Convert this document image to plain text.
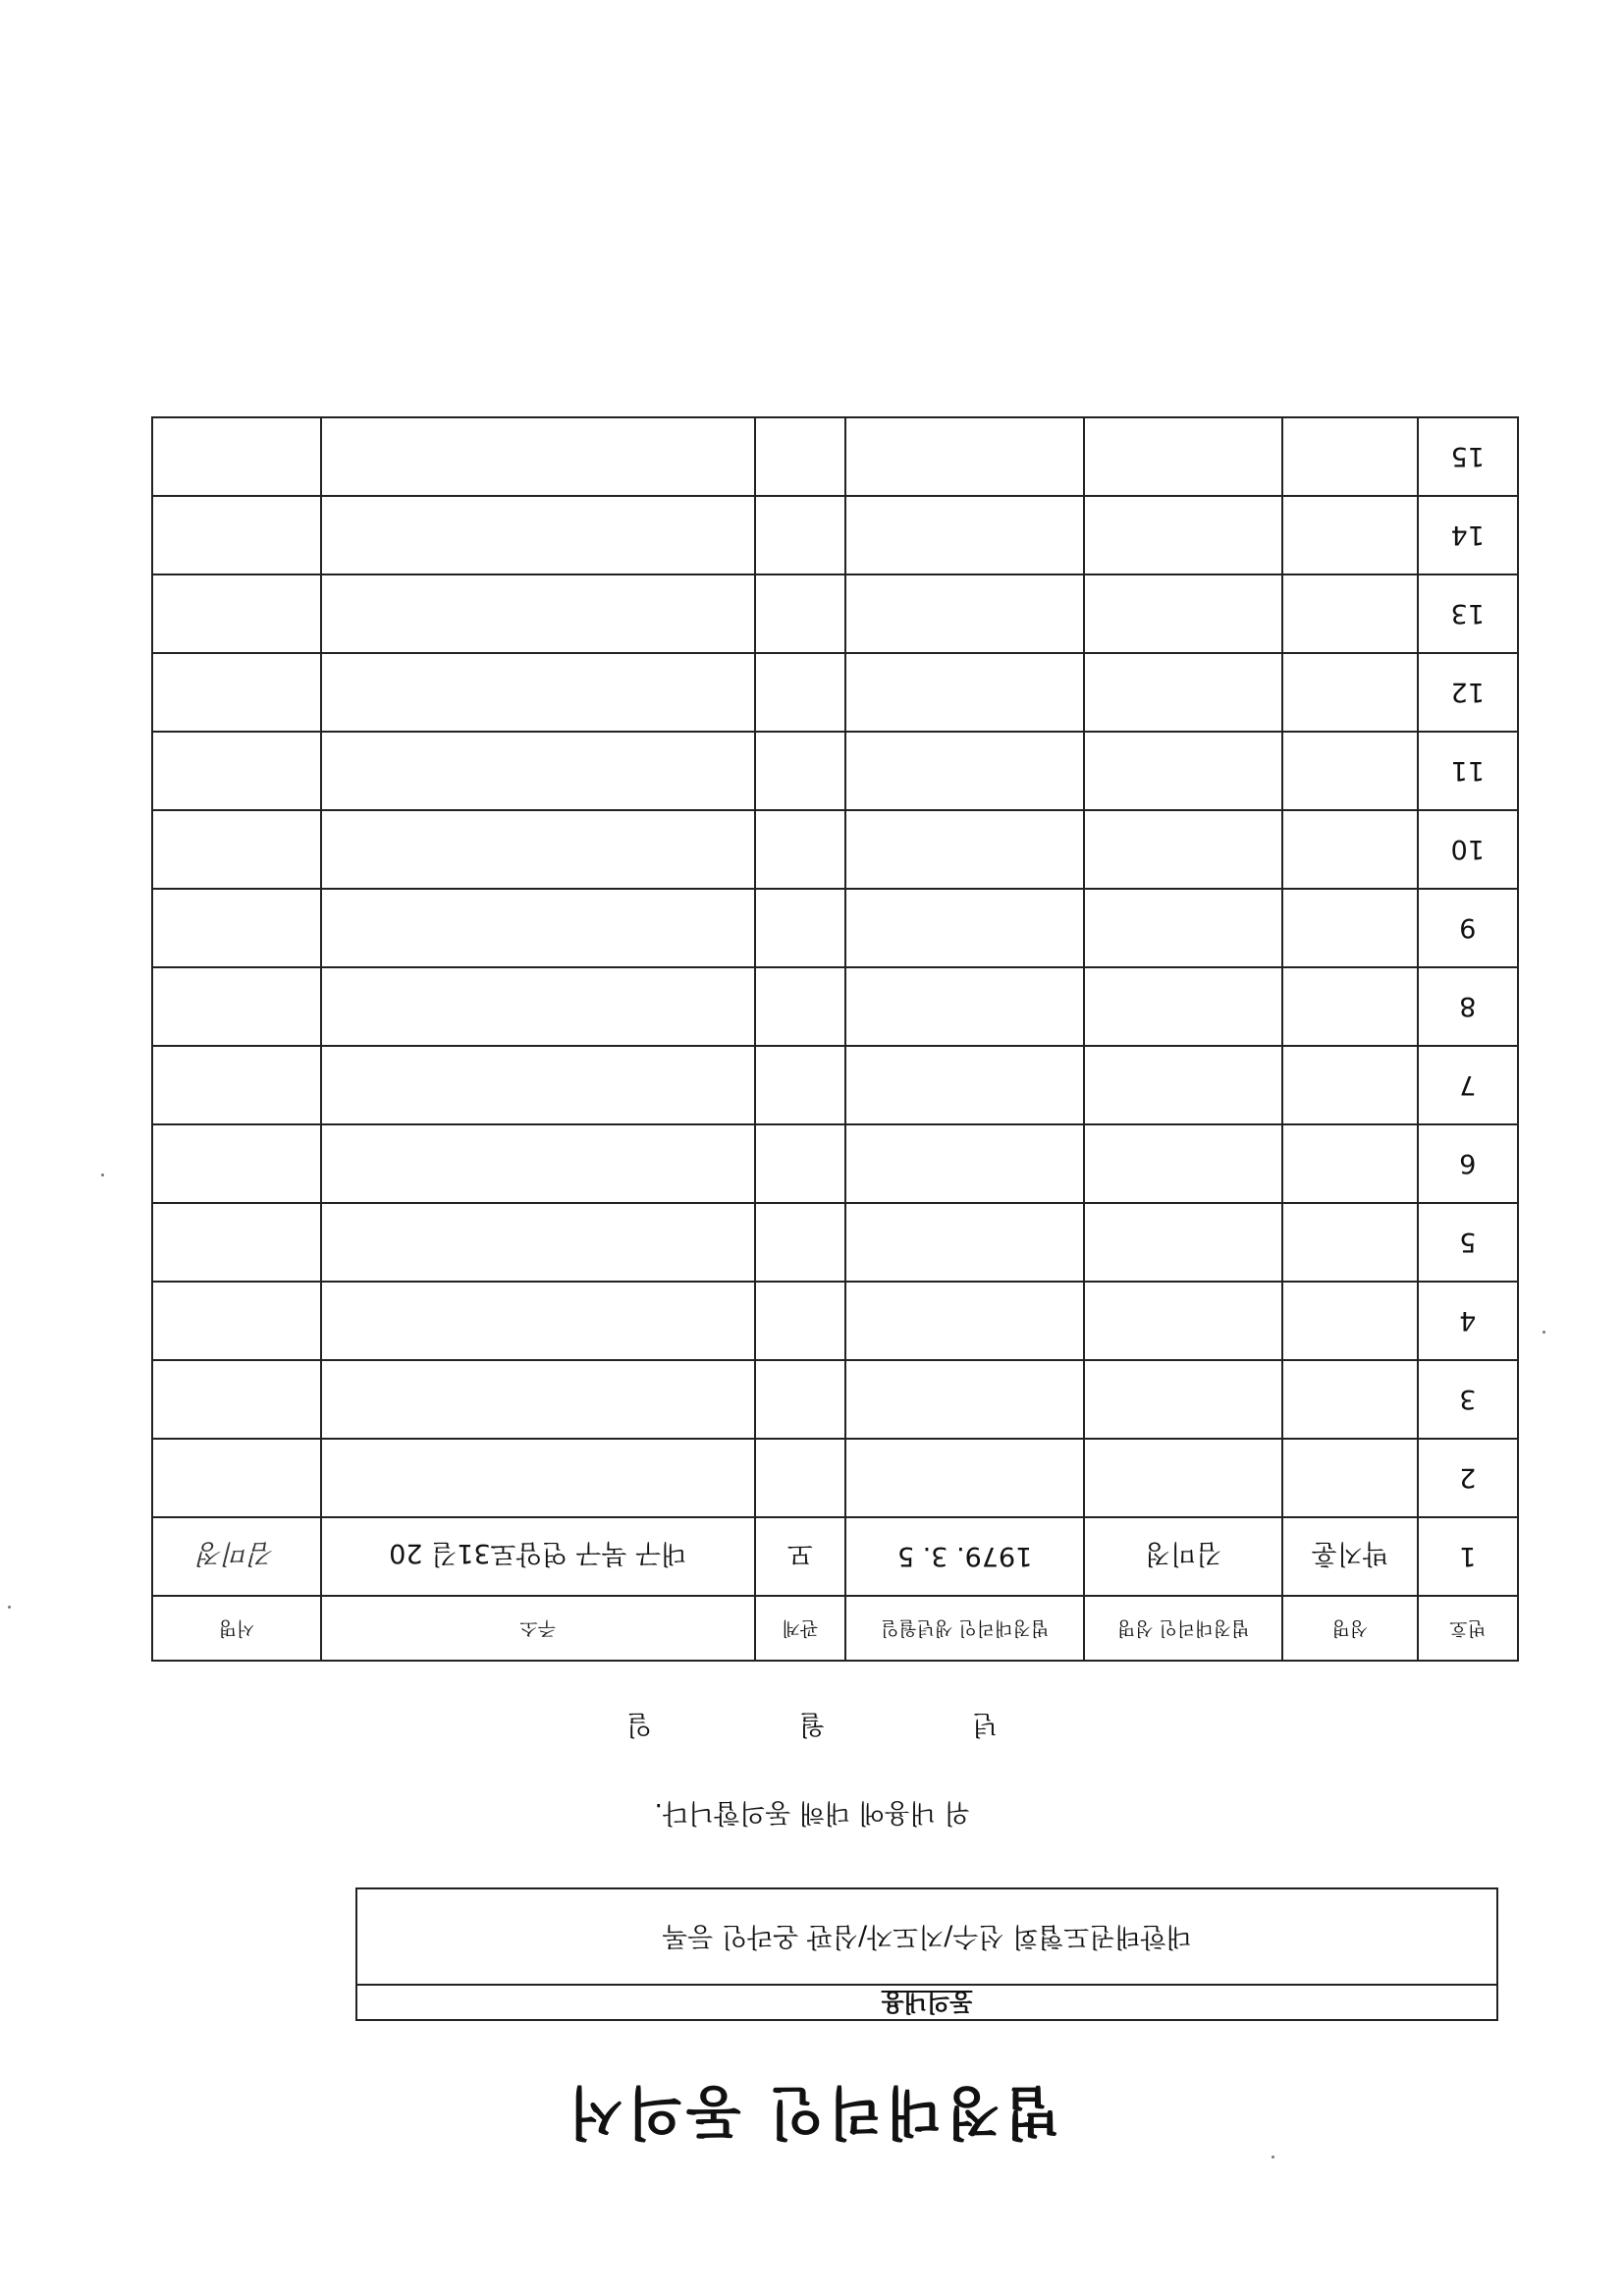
법정대리인 동의서
동의내용
대한태권도협회 선수/지도자/심판 온라인 등록
위 내용에 대해 동의합니다.
년
월
일
번호	성명	법정대리인 성명	법정대리인 생년월일	관계	주소	서명
1	박지훈	김미정	1979. 3. 5	모	대구 북구 연암로31길 20	김미정
2						
3						
4						
5						
6						
7						
8						
9						
10						
11						
12						
13						
14						
15						
